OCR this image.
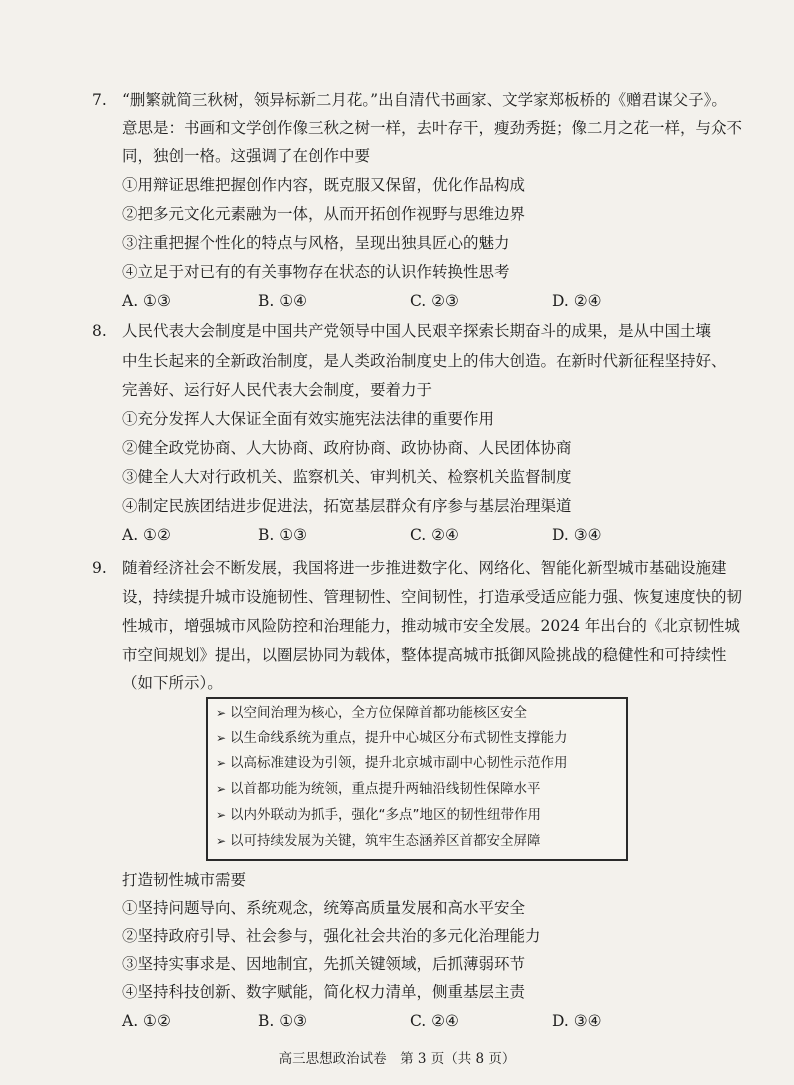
7. “删繁就简三秋树，领异标新二月花。”出自清代书画家、文学家郑板桥的《赠君谋父子》。
意思是：书画和文学创作像三秋之树一样，去叶存干，瘦劲秀挺；像二月之花一样，与众不
同，独创一格。这强调了在创作中要
①用辩证思维把握创作内容，既克服又保留，优化作品构成
②把多元文化元素融为一体，从而开拓创作视野与思维边界
③注重把握个性化的特点与风格，呈现出独具匠心的魅力
④立足于对已有的有关事物存在状态的认识作转换性思考
A. ①③	B. ①④	C. ②③	D. ②④
8. 人民代表大会制度是中国共产党领导中国人民艰辛探索长期奋斗的成果，是从中国土壤
中生长起来的全新政治制度，是人类政治制度史上的伟大创造。在新时代新征程坚持好、
完善好、运行好人民代表大会制度，要着力于
①充分发挥人大保证全面有效实施宪法法律的重要作用
②健全政党协商、人大协商、政府协商、政协协商、人民团体协商
③健全人大对行政机关、监察机关、审判机关、检察机关监督制度
④制定民族团结进步促进法，拓宽基层群众有序参与基层治理渠道
A. ①②	B. ①③	C. ②④	D. ③④
9. 随着经济社会不断发展，我国将进一步推进数字化、网络化、智能化新型城市基础设施建
设，持续提升城市设施韧性、管理韧性、空间韧性，打造承受适应能力强、恢复速度快的韧
性城市，增强城市风险防控和治理能力，推动城市安全发展。2024 年出台的《北京韧性城
市空间规划》提出，以圈层协同为载体，整体提高城市抵御风险挑战的稳健性和可持续性
（如下所示）。
➢ 以空间治理为核心，全方位保障首都功能核区安全
➢ 以生命线系统为重点，提升中心城区分布式韧性支撑能力
➢ 以高标准建设为引领，提升北京城市副中心韧性示范作用
➢ 以首都功能为统领，重点提升两轴沿线韧性保障水平
➢ 以内外联动为抓手，强化“多点”地区的韧性纽带作用
➢ 以可持续发展为关键，筑牢生态涵养区首都安全屏障
打造韧性城市需要
①坚持问题导向、系统观念，统筹高质量发展和高水平安全
②坚持政府引导、社会参与，强化社会共治的多元化治理能力
③坚持实事求是、因地制宜，先抓关键领域，后抓薄弱环节
④坚持科技创新、数字赋能，简化权力清单，侧重基层主责
A. ①②	B. ①③	C. ②④	D. ③④
高三思想政治试卷　第 3 页（共 8 页）
